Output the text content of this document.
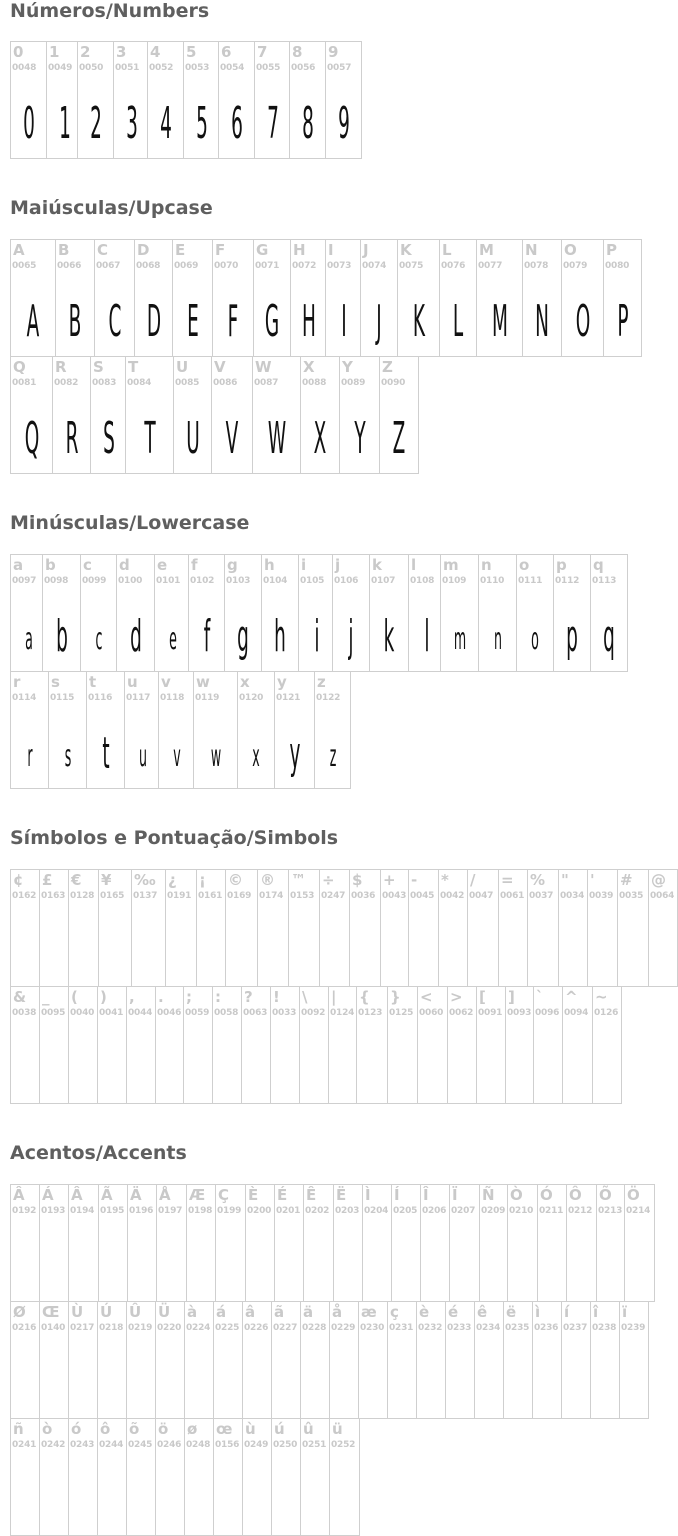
Números/Numbers
0
0048
0
1
0049
1
2
0050
2
3
0051
3
4
0052
4
5
0053
5
6
0054
6
7
0055
7
8
0056
8
9
0057
9
Maiúsculas/Upcase
A
0065
A
B
0066
B
C
0067
C
D
0068
D
E
0069
E
F
0070
F
G
0071
G
H
0072
H
I
0073
I
J
0074
J
K
0075
K
L
0076
L
M
0077
M
N
0078
N
O
0079
O
P
0080
P
Q
0081
Q
R
0082
R
S
0083
S
T
0084
T
U
0085
U
V
0086
V
W
0087
W
X
0088
X
Y
0089
Y
Z
0090
Z
Minúsculas/Lowercase
a
0097
a
b
0098
b
c
0099
c
d
0100
d
e
0101
e
f
0102
f
g
0103
g
h
0104
h
i
0105
i
j
0106
j
k
0107
k
l
0108
l
m
0109
m
n
0110
n
o
0111
o
p
0112
p
q
0113
q
r
0114
r
s
0115
s
t
0116
t
u
0117
u
v
0118
v
w
0119
w
x
0120
x
y
0121
y
z
0122
z
Símbolos e Pontuação/Simbols
¢
0162
£
0163
€
0128
¥
0165
‰
0137
¿
0191
¡
0161
©
0169
®
0174
™
0153
÷
0247
$
0036
+
0043
-
0045
*
0042
/
0047
=
0061
%
0037
"
0034
'
0039
#
0035
@
0064
&
0038
_
0095
(
0040
)
0041
,
0044
.
0046
;
0059
:
0058
?
0063
!
0033
\
0092
|
0124
{
0123
}
0125
<
0060
>
0062
[
0091
]
0093
`
0096
^
0094
~
0126
Acentos/Accents
Â
0192
Á
0193
Â
0194
Ã
0195
Ä
0196
Å
0197
Æ
0198
Ç
0199
È
0200
É
0201
Ê
0202
Ë
0203
Ì
0204
Í
0205
Î
0206
Ï
0207
Ñ
0209
Ò
0210
Ó
0211
Ô
0212
Õ
0213
Ö
0214
Ø
0216
Œ
0140
Ù
0217
Ú
0218
Û
0219
Ü
0220
à
0224
á
0225
â
0226
ã
0227
ä
0228
å
0229
æ
0230
ç
0231
è
0232
é
0233
ê
0234
ë
0235
ì
0236
í
0237
î
0238
ï
0239
ñ
0241
ò
0242
ó
0243
ô
0244
õ
0245
ö
0246
ø
0248
œ
0156
ù
0249
ú
0250
û
0251
ü
0252
